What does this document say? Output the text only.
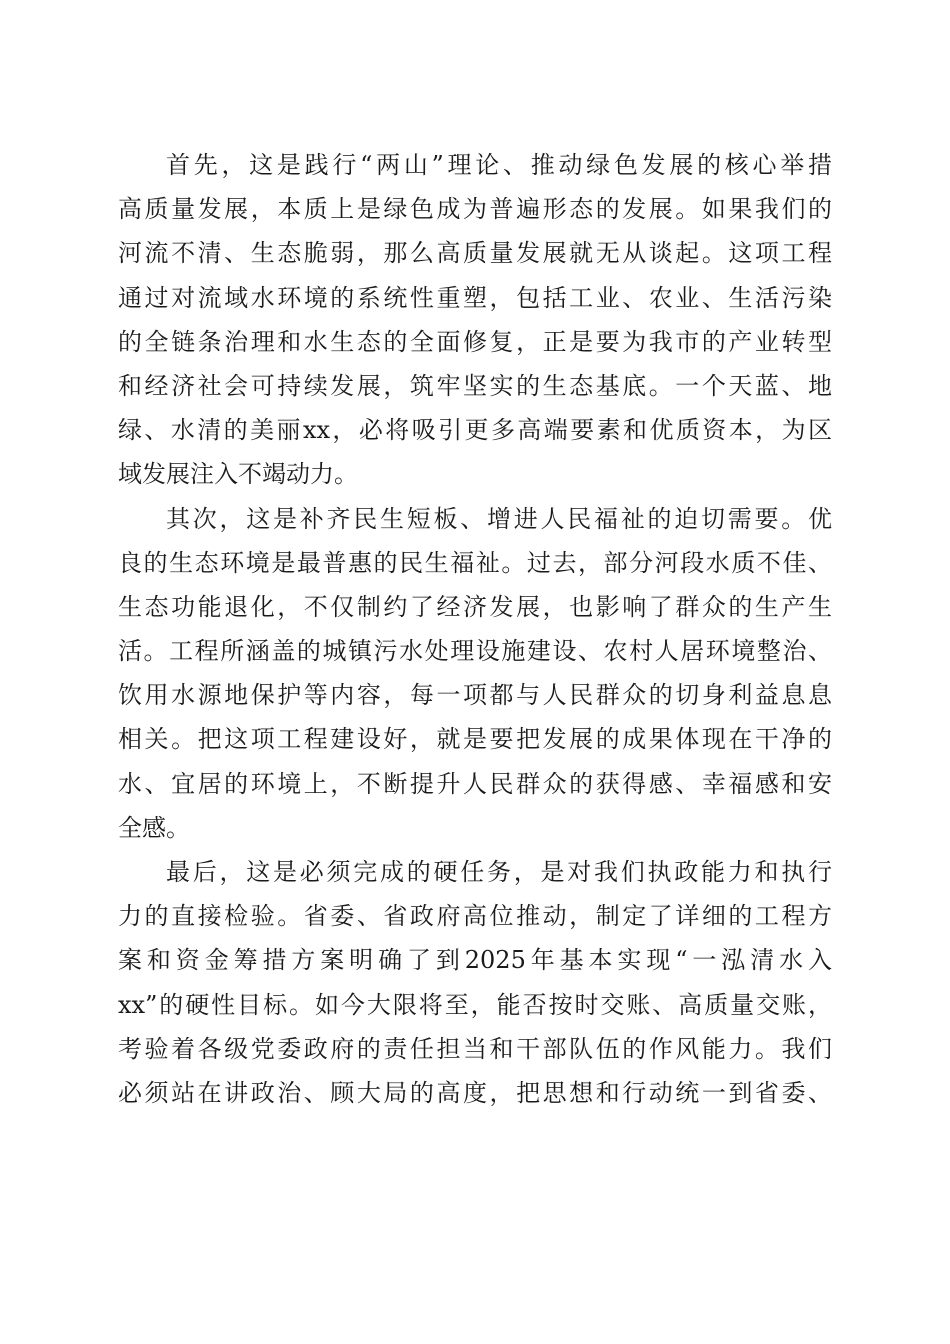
首先，这是践行“两山”理论、推动绿色发展的核心举措
高质量发展，本质上是绿色成为普遍形态的发展。如果我们的
河流不清、生态脆弱，那么高质量发展就无从谈起。这项工程
通过对流域水环境的系统性重塑，包括工业、农业、生活污染
的全链条治理和水生态的全面修复，正是要为我市的产业转型
和经济社会可持续发展，筑牢坚实的生态基底。一个天蓝、地
绿、水清的美丽xx，必将吸引更多高端要素和优质资本，为区
域发展注入不竭动力。
其次，这是补齐民生短板、增进人民福祉的迫切需要。优
良的生态环境是最普惠的民生福祉。过去，部分河段水质不佳、
生态功能退化，不仅制约了经济发展，也影响了群众的生产生
活。工程所涵盖的城镇污水处理设施建设、农村人居环境整治、
饮用水源地保护等内容，每一项都与人民群众的切身利益息息
相关。把这项工程建设好，就是要把发展的成果体现在干净的
水、宜居的环境上，不断提升人民群众的获得感、幸福感和安
全感。
最后，这是必须完成的硬任务，是对我们执政能力和执行
力的直接检验。省委、省政府高位推动，制定了详细的工程方
案和资金筹措方案明确了到2025年基本实现“一泓清水入
xx”的硬性目标。如今大限将至，能否按时交账、高质量交账，
考验着各级党委政府的责任担当和干部队伍的作风能力。我们
必须站在讲政治、顾大局的高度，把思想和行动统一到省委、
